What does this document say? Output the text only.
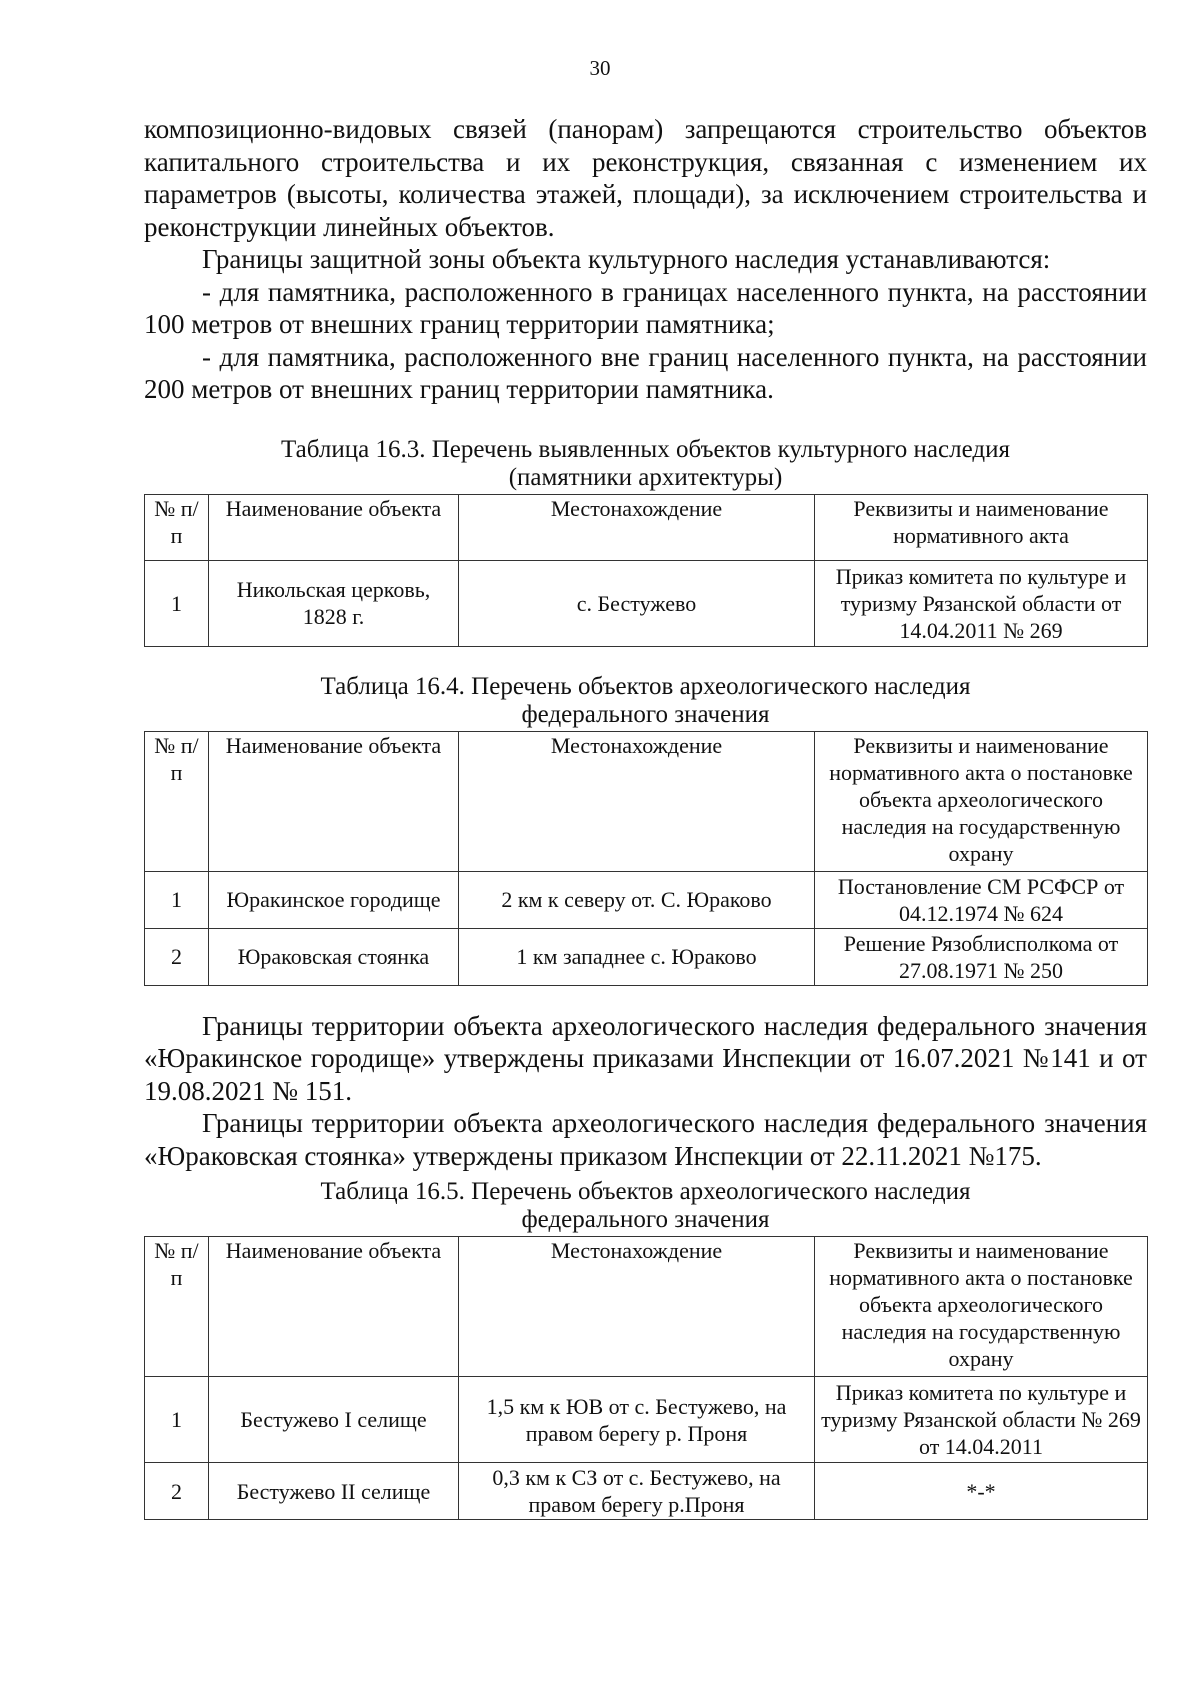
30

композиционно-видовых связей (панорам) запрещаются строительство объектов капитального строительства и их реконструкция, связанная с изменением их параметров (высоты, количества этажей, площади), за исключением строительства и реконструкции линейных объектов.

Границы защитной зоны объекта культурного наследия устанавливаются:

- для памятника, расположенного в границах населенного пункта, на расстоянии 100 метров от внешних границ территории памятника;

- для памятника, расположенного вне границ населенного пункта, на расстоянии 200 метров от внешних границ территории памятника.

Таблица 16.3. Перечень выявленных объектов культурного наследия
(памятники архитектуры)
№ п/п	Наименование объекта	Местонахождение	Реквизиты и наименование нормативного акта
1	Никольская церковь, 1828 г.	с. Бестужево	Приказ комитета по культуре и туризму Рязанской области от 14.04.2011 № 269
Таблица 16.4. Перечень объектов археологического наследия
федерального значения
№ п/п	Наименование объекта	Местонахождение	Реквизиты и наименование нормативного акта о постановке объекта археологического наследия на государственную охрану
1	Юракинское городище	2 км к северу от. С. Юраково	Постановление СМ РСФСР от 04.12.1974 № 624
2	Юраковская стоянка	1 км западнее с. Юраково	Решение Рязоблисполкома от 27.08.1971 № 250

Границы территории объекта археологического наследия федерального значения «Юракинское городище» утверждены приказами Инспекции от 16.07.2021 №141 и от 19.08.2021 № 151.

Границы территории объекта археологического наследия федерального значения «Юраковская стоянка» утверждены приказом Инспекции от 22.11.2021 №175.

Таблица 16.5. Перечень объектов археологического наследия
федерального значения
№ п/п	Наименование объекта	Местонахождение	Реквизиты и наименование нормативного акта о постановке объекта археологического наследия на государственную охрану
1	Бестужево I селище	1,5 км к ЮВ от с. Бестужево, на правом берегу р. Проня	Приказ комитета по культуре и туризму Рязанской области № 269 от 14.04.2011
2	Бестужево II селище	0,3 км к СЗ от с. Бестужево, на правом берегу р.Проня	*-*
